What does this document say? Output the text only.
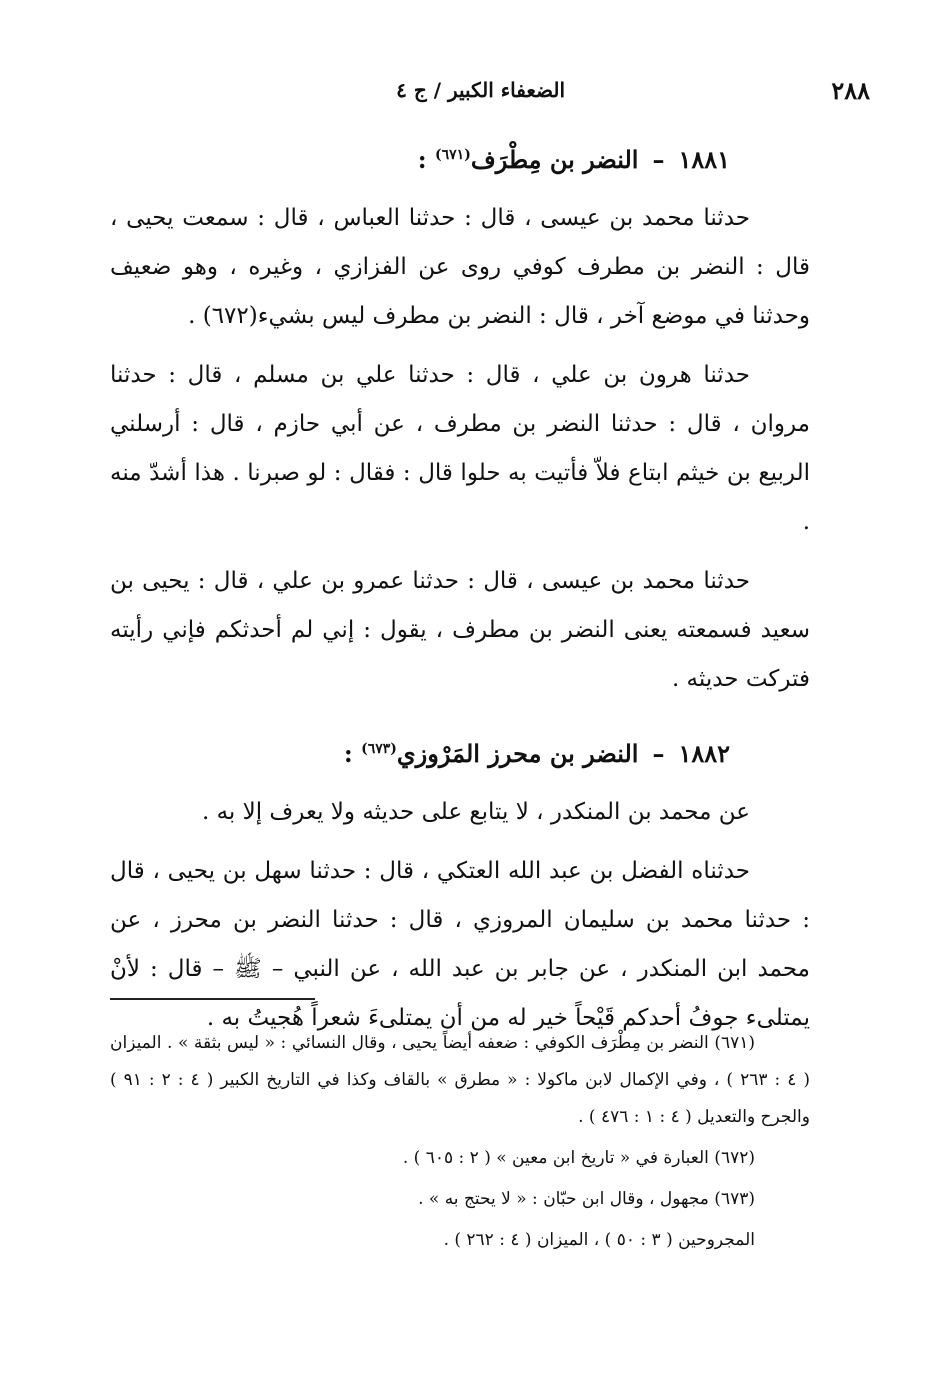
٢٨٨
الضعفاء الكبير / ج ٤
١٨٨١–النضر بن مِطْرَف$^{(٦٧١)}$ :

حدثنا محمد بن عيسى ، قال : حدثنا العباس ، قال : سمعت يحيى ، قال : النضر بن مطرف كوفي روى عن الفزازي ، وغيره ، وهو ضعيف وحدثنا في موضع آخر ، قال : النضر بن مطرف ليس بشيء(٦٧٢) .

حدثنا هرون بن علي ، قال : حدثنا علي بن مسلم ، قال : حدثنا مروان ، قال : حدثنا النضر بن مطرف ، عن أبي حازم ، قال : أرسلني الربيع بن خيثم ابتاع فلاّ فأتيت به حلوا قال : فقال : لو صبرنا . هذا أشدّ منه .

حدثنا محمد بن عيسى ، قال : حدثنا عمرو بن علي ، قال : يحيى بن سعيد فسمعته يعنى النضر بن مطرف ، يقول : إني لم أحدثكم فإني رأيته فتركت حديثه .

١٨٨٢–النضر بن محرز المَرْوزي$^{(٦٧٣)}$ :

عن محمد بن المنكدر ، لا يتابع على حديثه ولا يعرف إلا به .

حدثناه الفضل بن عبد الله العتكي ، قال : حدثنا سهل بن يحيى ، قال : حدثنا محمد بن سليمان المروزي ، قال : حدثنا النضر بن محرز ، عن محمد ابن المنكدر ، عن جابر بن عبد الله ، عن النبي – ﷺ – قال : لأنْ يمتلىء جوفُ أحدكم قَيْحاً خير له من أن يمتلىءَ شعراً هُجيتُ به .

(٦٧١) النضر بن مِطْرَف الكوفي : ضعفه أيضاً يحيى ، وقال النسائي : « ليس بثقة » . الميزان ( ٤ : ٢٦٣ ) ، وفي الإكمال لابن ماكولا : « مطرق » بالقاف وكذا في التاريخ الكبير ( ٤ : ٢ : ٩١ ) والجرح والتعديل ( ٤ : ١ : ٤٧٦ ) .

(٦٧٢) العبارة في « تاريخ ابن معين » ( ٢ : ٦٠٥ ) .

(٦٧٣) مجهول ، وقال ابن حبّان : « لا يحتج به » .

المجروحين ( ٣ : ٥٠ ) ، الميزان ( ٤ : ٢٦٢ ) .
